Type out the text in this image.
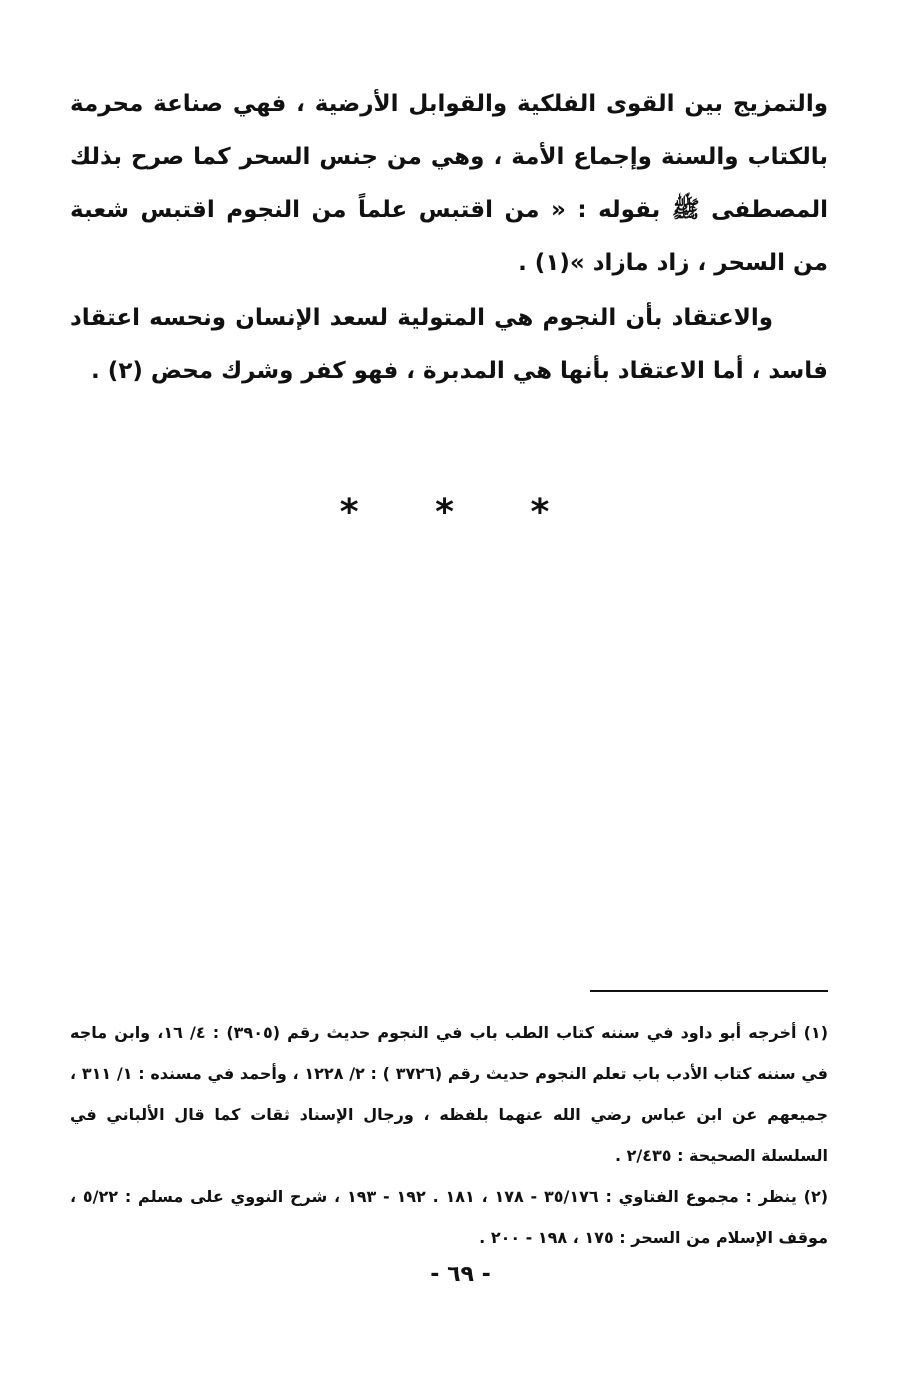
والتمزيج بين القوى الفلكية والقوابل الأرضية ، فهي صناعة محرمة بالكتاب والسنة وإجماع الأمة ، وهي من جنس السحر كما صرح بذلك المصطفى ﷺ بقوله : « من اقتبس علماً من النجوم اقتبس شعبة من السحر ، زاد مازاد »(١) .

والاعتقاد بأن النجوم هي المتولية لسعد الإنسان ونحسه اعتقاد فاسد ، أما الاعتقاد بأنها هي المدبرة ، فهو كفر وشرك محض (٢) .

* * *

(١) أخرجه أبو داود في سننه كتاب الطب باب في النجوم حديث رقم (٣٩٠٥) : ٤/ ١٦، وابن ماجه في سننه كتاب الأدب باب تعلم النجوم حديث رقم (٣٧٢٦ ) : ٢/ ١٢٢٨ ، وأحمد في مسنده : ١/ ٣١١ ، جميعهم عن ابن عباس رضي الله عنهما بلفظه ، ورجال الإسناد ثقات كما قال الألباني في السلسلة الصحيحة : ٢/٤٣٥ .

(٢) ينظر : مجموع الفتاوي : ٣٥/١٧٦ - ١٧٨ ، ١٨١ . ١٩٢ - ١٩٣ ، شرح النووي على مسلم : ٥/٢٢ ، موقف الإسلام من السحر : ١٧٥ ، ١٩٨ - ٢٠٠ .

- ٦٩ -
